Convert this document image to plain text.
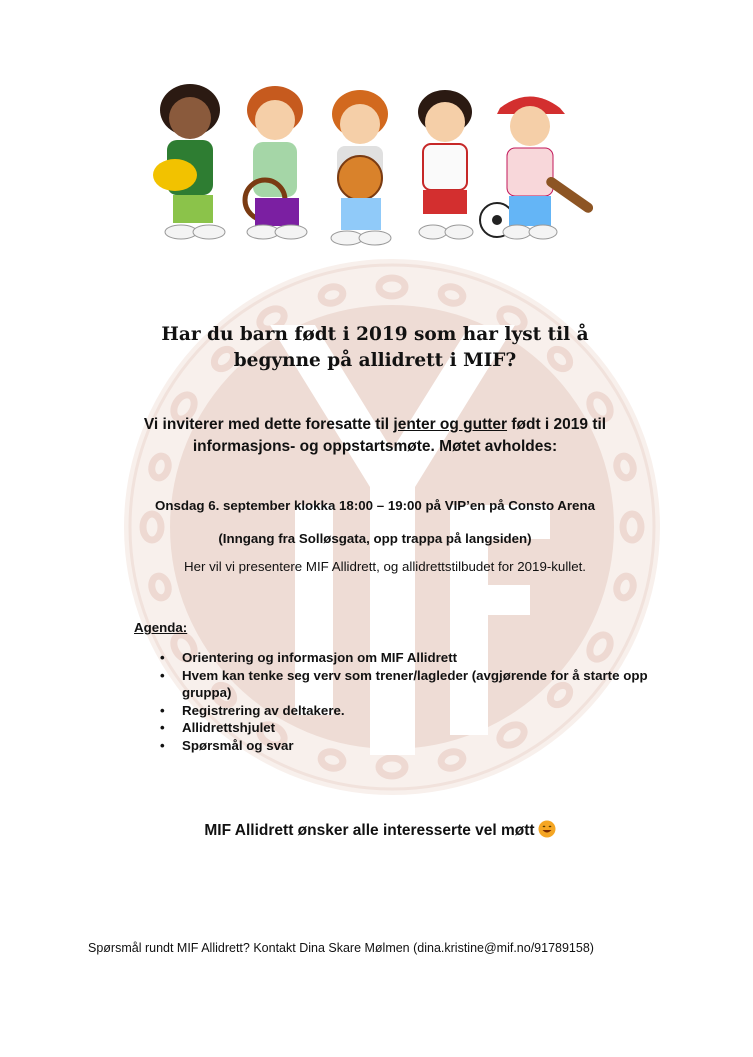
Har du barn født i 2019 som har lyst til å
begynne på allidrett i MIF?
Vi inviterer med dette foresatte til jenter og gutter født i 2019 til
informasjons- og oppstartsmøte. Møtet avholdes:
Onsdag 6. september klokka 18:00 – 19:00 på VIP’en på Consto Arena
(Inngang fra Solløsgata, opp trappa på langsiden)
Her vil vi presentere MIF Allidrett, og allidrettstilbudet for 2019-kullet.
Agenda:
• Orientering og informasjon om MIF Allidrett
• Hvem kan tenke seg verv som trener/lagleder (avgjørende for å starte opp gruppa)
• Registrering av deltakere.
• Allidrettshjulet
• Spørsmål og svar
MIF Allidrett ønsker alle interesserte vel møtt
Spørsmål rundt MIF Allidrett? Kontakt Dina Skare Mølmen (dina.kristine@mif.no/91789158)
